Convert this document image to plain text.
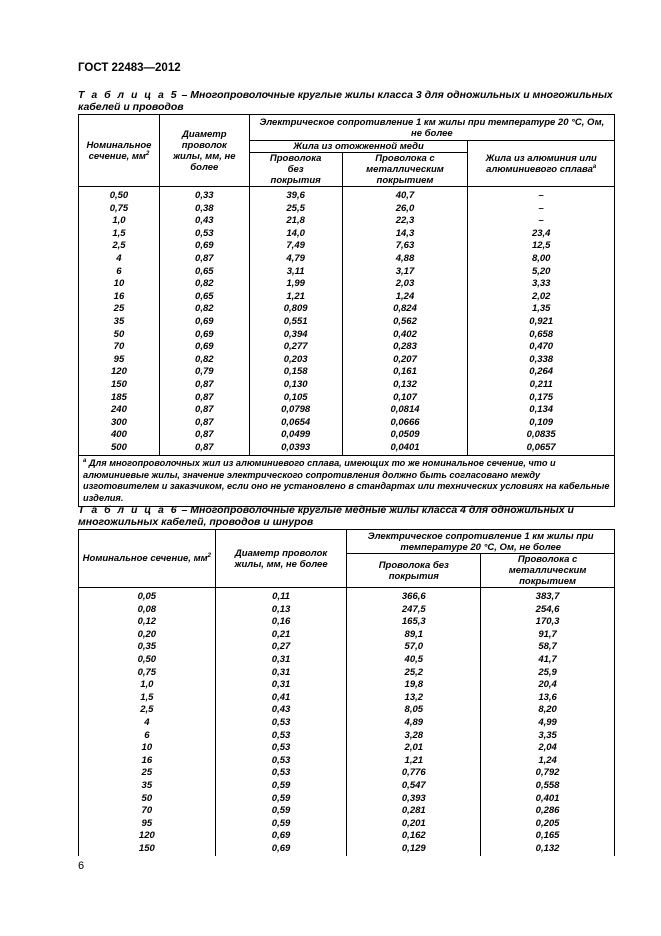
ГОСТ 22483—2012
Т а б л и ц а 5 – Многопроволочные круглые жилы класса 3 для одножильных и многожильных кабелей и проводов
Номинальное сечение, $мм^2$	Диаметр проволок жилы, мм, не более	Электрическое сопротивление 1 км жилы при температуре 20 °С, Ом, не более		
		Жила из отожженной меди		Жила из алюминия или алюминиевого сплава$^а$
		Проволока без покрытия	Проволока с металлическим покрытием	
0,50	0,33	39,6	40,7	–
0,75	0,38	25,5	26,0	–
1,0	0,43	21,8	22,3	–
1,5	0,53	14,0	14,3	23,4
2,5	0,69	7,49	7,63	12,5
4	0,87	4,79	4,88	8,00
6	0,65	3,11	3,17	5,20
10	0,82	1,99	2,03	3,33
16	0,65	1,21	1,24	2,02
25	0,82	0,809	0,824	1,35
35	0,69	0,551	0,562	0,921
50	0,69	0,394	0,402	0,658
70	0,69	0,277	0,283	0,470
95	0,82	0,203	0,207	0,338
120	0,79	0,158	0,161	0,264
150	0,87	0,130	0,132	0,211
185	0,87	0,105	0,107	0,175
240	0,87	0,0798	0,0814	0,134
300	0,87	0,0654	0,0666	0,109
400	0,87	0,0499	0,0509	0,0835
500	0,87	0,0393	0,0401	0,0657
$^а$ Для многопроволочных жил из алюминиевого сплава, имеющих то же номинальное сечение, что и алюминиевые жилы, значение электрического сопротивления должно быть согласовано между изготовителем и заказчиком, если оно не установлено в стандартах или технических условиях на кабельные изделия.				
Т а б л и ц а 6 – Многопроволочные круглые медные жилы класса 4 для одножильных и многожильных кабелей, проводов и шнуров
Номинальное сечение, $мм^2$	Диаметр проволок жилы, мм, не более	Электрическое сопротивление 1 км жилы при температуре 20 °С, Ом, не более	
		Проволока без покрытия	Проволока с металлическим покрытием
0,05	0,11	366,6	383,7
0,08	0,13	247,5	254,6
0,12	0,16	165,3	170,3
0,20	0,21	89,1	91,7
0,35	0,27	57,0	58,7
0,50	0,31	40,5	41,7
0,75	0,31	25,2	25,9
1,0	0,31	19,8	20,4
1,5	0,41	13,2	13,6
2,5	0,43	8,05	8,20
4	0,53	4,89	4,99
6	0,53	3,28	3,35
10	0,53	2,01	2,04
16	0,53	1,21	1,24
25	0,53	0,776	0,792
35	0,59	0,547	0,558
50	0,59	0,393	0,401
70	0,59	0,281	0,286
95	0,59	0,201	0,205
120	0,69	0,162	0,165
150	0,69	0,129	0,132
6
